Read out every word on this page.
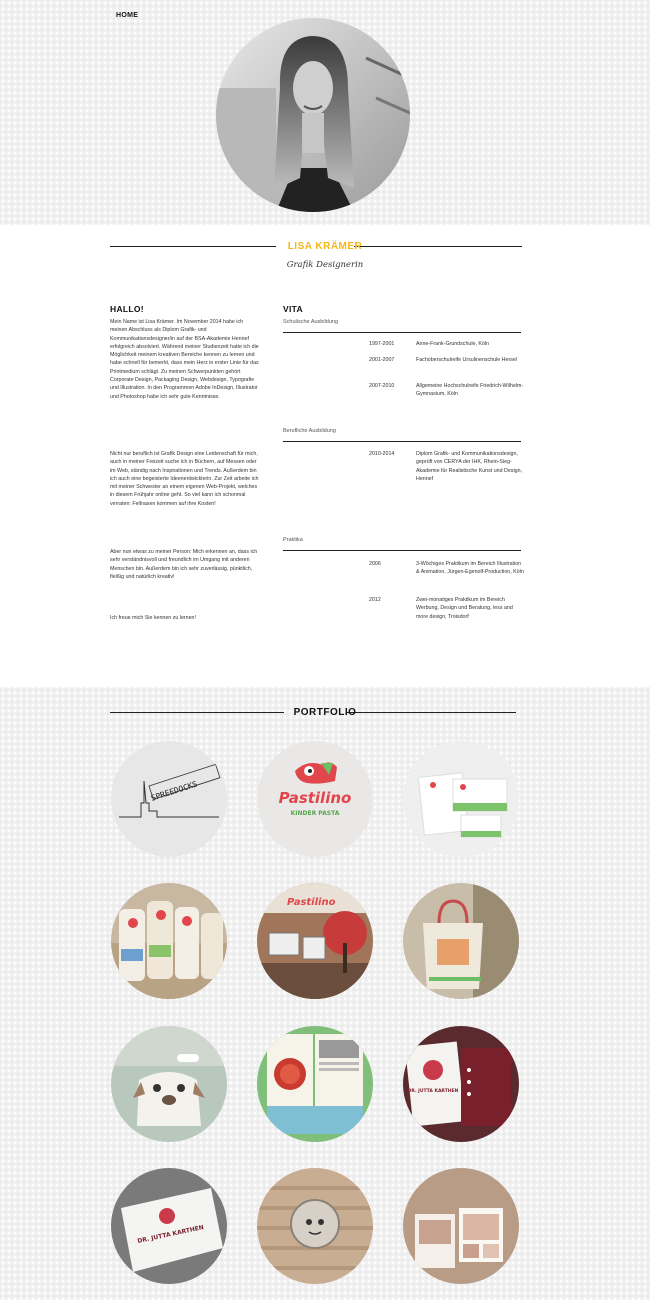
HOME
LISA KRÄMER
Grafik Designerin
HALLO!

Mein Name ist Lisa Krämer. Im November 2014 habe ich meinen Abschluss als Diplom Grafik- und Kommunikationsdesigner/in auf der BSA-Akademie Hennef erfolgreich absolviert. Während meiner Studienzeit hatte ich die Möglichkeit meinem kreativen Bereiche kennen zu lernen und habe schnell für bemerkt, dass mein Herz in erster Linie für das Printmedium schlägt. Zu meinen Schwerpunkten gehört Corporate Design, Packaging Design, Webdesign, Typografie und Illustration. In den Programmen Adobe InDesign, Illustrator und Photoshop habe ich sehr gute Kenntnisse.

Nicht nur beruflich ist Grafik Design eine Leidenschaft für mich, auch in meiner Freizeit suche ich in Büchern, auf Messen oder im Web, ständig nach Inspirationen und Trends. Außerdem bin ich auch eine begeisterte Ideenentwicklerin. Zur Zeit arbeite ich mit meiner Schwester an einem eigenen Web-Projekt, welches in diesem Frühjahr online geht. So viel kann ich schonmal verraten: Fellnasen kommen auf ihre Kosten!

Aber nun etwas zu meiner Person: Mich erkennen an, dass ich sehr verständnisvoll und freundlich im Umgang mit anderen Menschen bin. Außerdem bin ich sehr zuverlässig, pünktlich, fleißig und natürlich kreativ!

Ich freue mich Sie kennen zu lernen!

VITA
Schulische Ausbildung
1997-2001	Anne-Frank-Grundschule, Köln
2001-2007	Fachoberschulreife Ursulinenschule Hersel
2007-2010	Allgemeine Hochschulreife Friedrich-Wilhelm-Gymnasium, Köln
Berufliche Ausbildung
2010-2014	Diplom Grafik- und Kommunikationsdesign, geprüft von CERYA der IHK, Rhein-Sieg-Akademie für Realistische Kunst und Design, Hennef
Praktika
2006	3-Wöchiges Praktikum im Bereich Illustration & Animation, Jürgen-Egenolf-Production, Köln
2012	Zwei-monatiges Praktikum im Bereich Werbung, Design und Beratung, less and more design, Troisdorf
PORTFOLIO
SPREEDOCKS	Pastilino
KINDER PASTA
Pastilino
DR. JUTTA KARTHEN
DR. JUTTA KARTHEN
